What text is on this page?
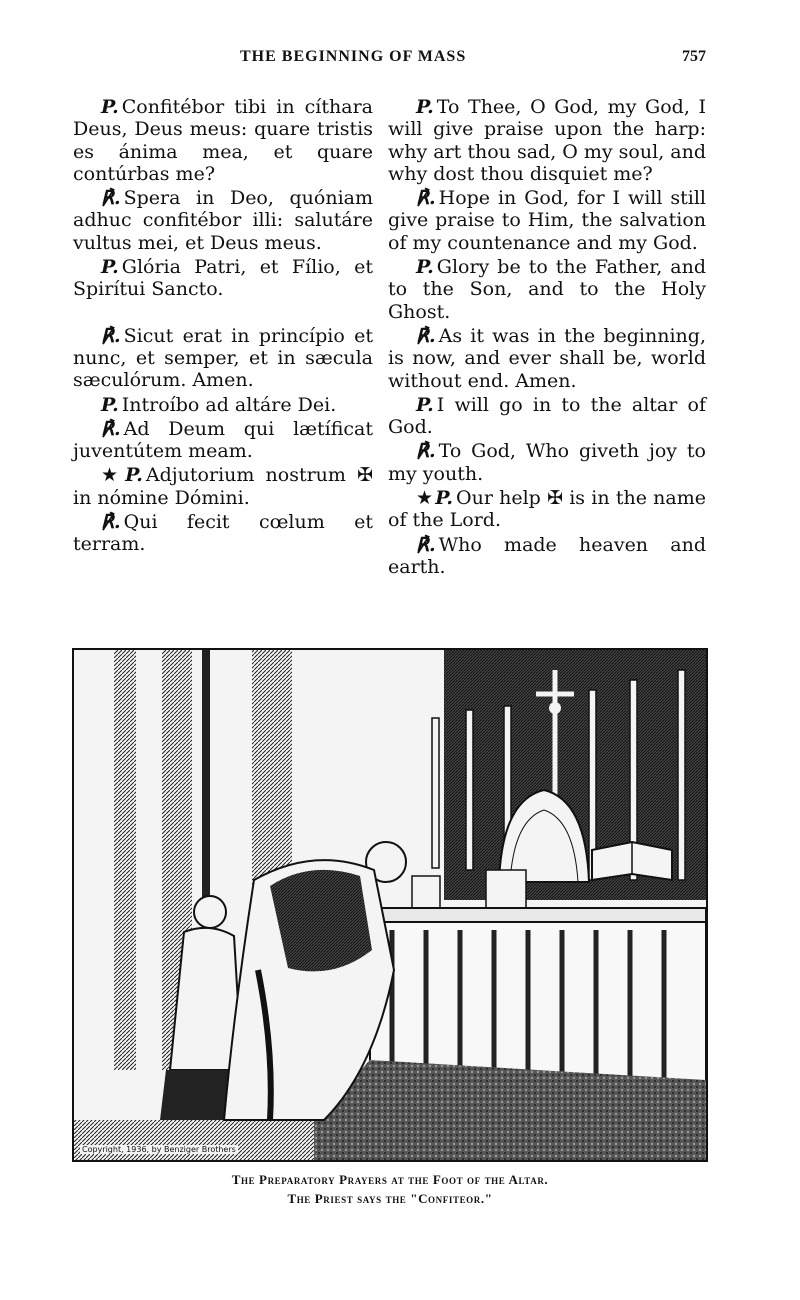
THE BEGINNING OF MASS	757

P. Confitébor tibi in cíthara Deus, Deus meus: quare tristis es ánima mea, et quare contúrbas me?

℟. Spera in Deo, quóniam adhuc confitébor illi: salutáre vultus mei, et Deus meus.

P. Glória Patri, et Fílio, et Spirítui Sancto.

℟. Sicut erat in princípio et nunc, et semper, et in sæcula sæculórum. Amen.

P. Introíbo ad altáre Dei.

℟. Ad Deum qui lætíficat juventútem meam.

★ P. Adjutorium nostrum ✠ in nómine Dómini.

℟. Qui fecit cœlum et terram.

P. To Thee, O God, my God, I will give praise upon the harp: why art thou sad, O my soul, and why dost thou disquiet me?

℟. Hope in God, for I will still give praise to Him, the salvation of my countenance and my God.

P. Glory be to the Father, and to the Son, and to the Holy Ghost.

℟. As it was in the beginning, is now, and ever shall be, world without end. Amen.

P. I will go in to the altar of God.

℟. To God, Who giveth joy to my youth.

★ P. Our help ✠ is in the name of the Lord.

℟. Who made heaven and earth.

Copyright, 1936, by Benziger Brothers
The Preparatory Prayers at the Foot of the Altar.
The Priest says the "Confiteor."
